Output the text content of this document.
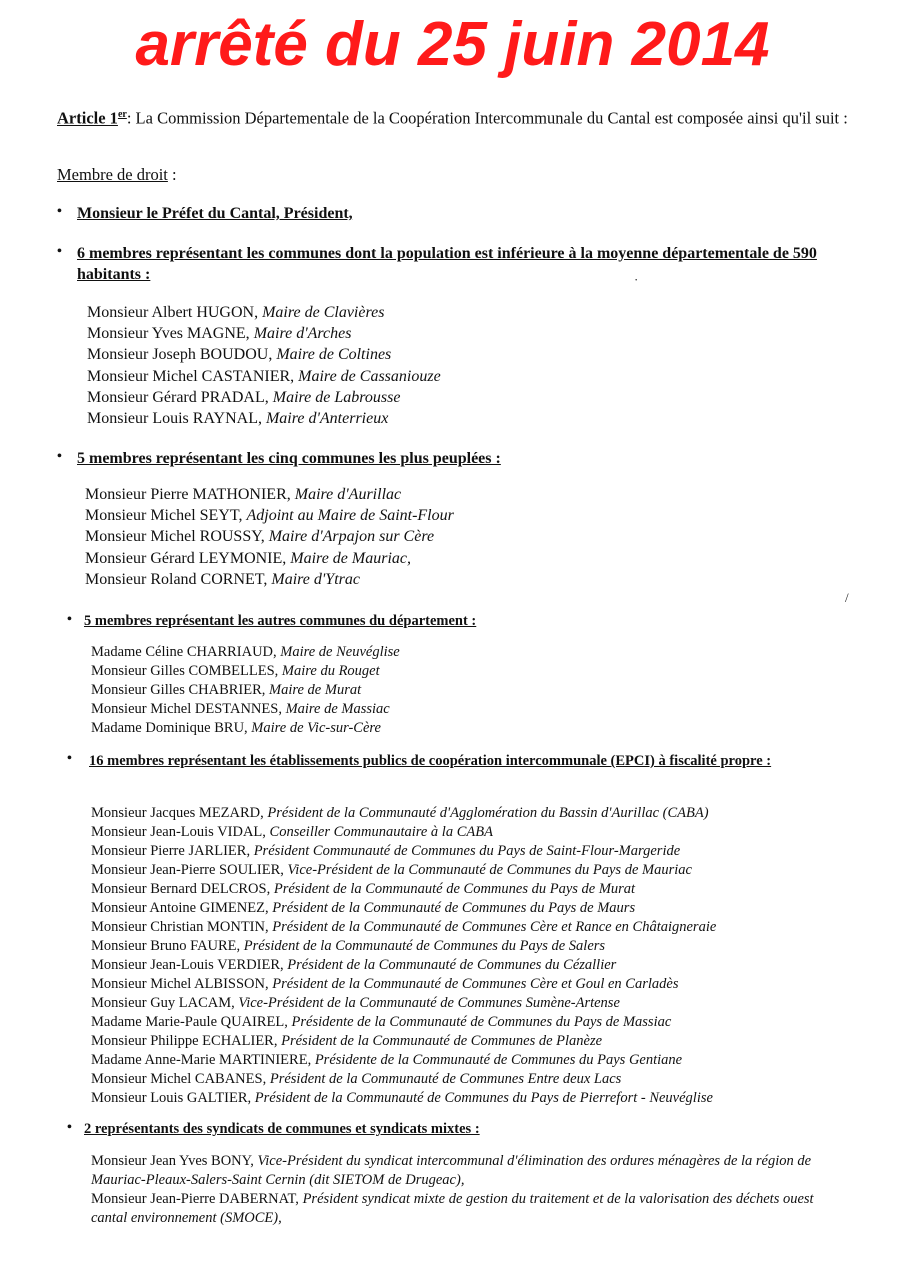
arrêté du 25 juin 2014
Article 1er: La Commission Départementale de la Coopération Intercommunale du Cantal est composée ainsi qu'il suit :
Membre de droit :
• Monsieur le Préfet du Cantal, Président,
• 6 membres représentant les communes dont la population est inférieure à la moyenne départementale de 590 habitants :
Monsieur Albert HUGON, Maire de Clavières
Monsieur Yves MAGNE, Maire d'Arches
Monsieur Joseph BOUDOU, Maire de Coltines
Monsieur Michel CASTANIER, Maire de Cassaniouze
Monsieur Gérard PRADAL, Maire de Labrousse
Monsieur Louis RAYNAL, Maire d'Anterrieux
• 5 membres représentant les cinq communes les plus peuplées :
Monsieur Pierre MATHONIER, Maire d'Aurillac
Monsieur Michel SEYT, Adjoint au Maire de Saint-Flour
Monsieur Michel ROUSSY, Maire d'Arpajon sur Cère
Monsieur Gérard LEYMONIE, Maire de Mauriac,
Monsieur Roland CORNET, Maire d'Ytrac
• 5 membres représentant les autres communes du département :
Madame Céline CHARRIAUD, Maire de Neuvéglise
Monsieur Gilles COMBELLES, Maire du Rouget
Monsieur Gilles CHABRIER, Maire de Murat
Monsieur Michel DESTANNES, Maire de Massiac
Madame Dominique BRU, Maire de Vic-sur-Cère
• 16 membres représentant les établissements publics de coopération intercommunale (EPCI) à fiscalité propre :
Monsieur Jacques MEZARD, Président de la Communauté d'Agglomération du Bassin d'Aurillac (CABA)
Monsieur Jean-Louis VIDAL, Conseiller Communautaire à la CABA
Monsieur Pierre JARLIER, Président Communauté de Communes du Pays de Saint-Flour-Margeride
Monsieur Jean-Pierre SOULIER, Vice-Président de la Communauté de Communes du Pays de Mauriac
Monsieur Bernard DELCROS, Président de la Communauté de Communes du Pays de Murat
Monsieur Antoine GIMENEZ, Président de la Communauté de Communes du Pays de Maurs
Monsieur Christian MONTIN, Président de la Communauté de Communes Cère et Rance en Châtaigneraie
Monsieur Bruno FAURE, Président de la Communauté de Communes du Pays de Salers
Monsieur Jean-Louis VERDIER, Président de la Communauté de Communes du Cézallier
Monsieur Michel ALBISSON, Président de la Communauté de Communes Cère et Goul en Carladès
Monsieur Guy LACAM, Vice-Président de la Communauté de Communes Sumène-Artense
Madame Marie-Paule QUAIREL, Présidente de la Communauté de Communes du Pays de Massiac
Monsieur Philippe ECHALIER, Président de la Communauté de Communes de Planèze
Madame Anne-Marie MARTINIERE, Présidente de la Communauté de Communes du Pays Gentiane
Monsieur Michel CABANES, Président de la Communauté de Communes Entre deux Lacs
Monsieur Louis GALTIER, Président de la Communauté de Communes du Pays de Pierrefort - Neuvéglise
• 2 représentants des syndicats de communes et syndicats mixtes :
Monsieur Jean Yves BONY, Vice-Président du syndicat intercommunal d'élimination des ordures ménagères de la région de Mauriac-Pleaux-Salers-Saint Cernin (dit SIETOM de Drugeac),
Monsieur Jean-Pierre DABERNAT, Président syndicat mixte de gestion du traitement et de la valorisation des déchets ouest cantal environnement (SMOCE),
·
/
